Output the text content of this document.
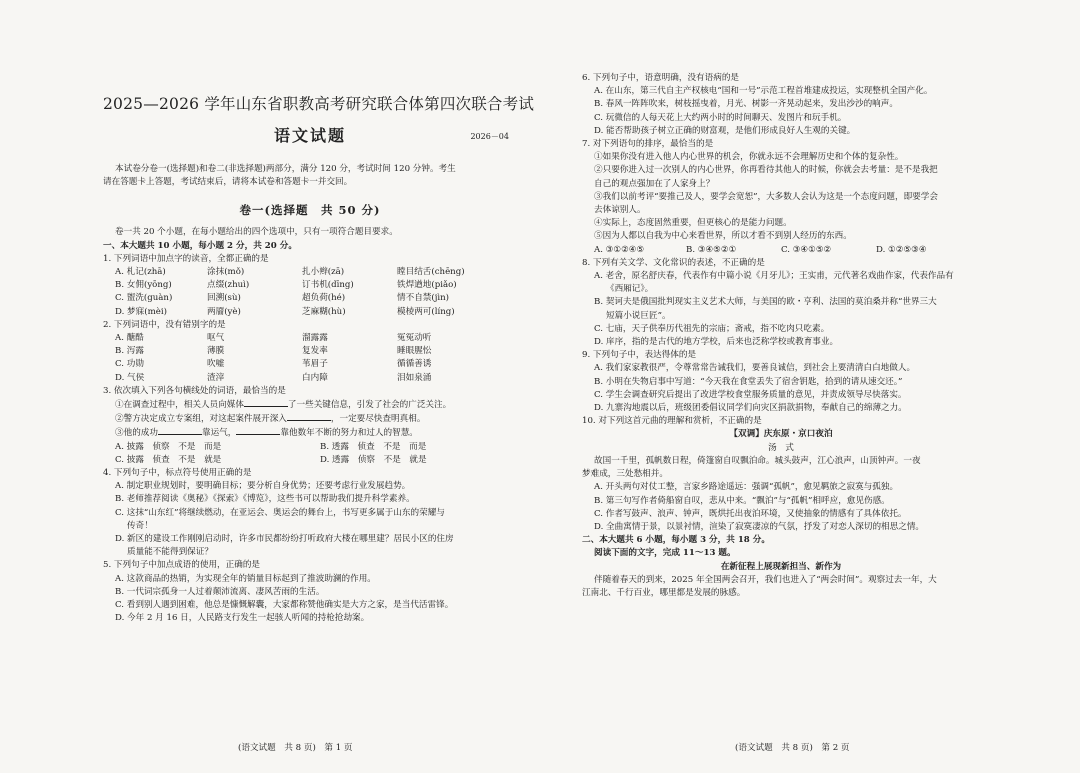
2025—2026 学年山东省职教高考研究联合体第四次联合考试
语文试题	2026－04
本试卷分卷一(选择题)和卷二(非选择题)两部分，满分 120 分，考试时间 120 分钟。考生
请在答题卡上答题，考试结束后，请将本试卷和答题卡一并交回。
卷一(选择题　共 50 分)
卷一共 20 个小题，在每小题给出的四个选项中，只有一项符合题目要求。
一、本大题共 10 小题，每小题 2 分，共 20 分。
1. 下列词语中加点字的读音，全都正确的是
A. 札记(zhā)	涂抹(mǒ)	扎小辫(zā)	瞠目结舌(chēng)
B. 女佣(yōng)	点缀(zhuì)	订书机(dīng)	铁焊遒地(piǎo)
C. 盥洗(guàn)	回溯(sù)	超负荷(hé)	情不自禁(jìn)
D. 梦寐(mèi)	两靥(yè)	芝麻糊(hù)	模棱两可(líng)
2. 下列词语中，没有错别字的是
A. 醣酷	呕气	溜露露	冤冤动听
B. 泻露	薄膜	复发率	睡眼腥忪
C. 功勋	吹嘘	苇眉子	循循善诱
D. 气侯	渣滓	白内障	泪如泉涌
3. 依次填入下列各句横线处的词语，最恰当的是
①在调查过程中，相关人员向媒体	了一些关键信息，引发了社会的广泛关注。
②警方决定成立专案组，对这起案件展开深入	，一定要尽快查明真相。
③他的成功	靠运气，	靠他数年不断的努力和过人的智慧。
A. 披露　侦察　不是　而是	B. 透露　侦查　不是　而是
C. 披露　侦查　不是　就是	D. 透露　侦察　不是　就是
4. 下列句子中，标点符号使用正确的是
A. 制定职业规划时，要明确目标；要分析自身优势；还要考虑行业发展趋势。
B. 老师推荐阅读《奥秘》《探索》《博览》，这些书可以帮助我们提升科学素养。
C. 这抹“山东红”将继续燃动，在亚运会、奥运会的舞台上，书写更多属于山东的荣耀与
传奇！
D. 新区的建设工作刚刚启动时，许多市民都纷纷打听政府大楼在哪里建？居民小区的住房
质量能不能得到保证？
5. 下列句子中加点成语的使用，正确的是
A. 这款商品的热销，为实现全年的销量目标起到了推波助澜的作用。
B. 一代词宗孤身一人过着颠沛流离、凄风苦雨的生活。
C. 看到别人遇到困难，他总是慷慨解囊，大家都称赞他确实是大方之家，是当代活雷锋。
D. 今年 2 月 16 日，人民路支行发生一起骇人听闻的持枪抢劫案。
(语文试题　共 8 页)　第 1 页
6. 下列句子中，语意明确，没有语病的是
A. 在山东，第三代自主产权核电“国和一号”示范工程首堆建成投运，实现整机全国产化。
B. 春风一阵阵吹来，树枝摇曳着，月光、树影一齐晃动起来，发出沙沙的响声。
C. 玩微信的人每天花上大约两小时的时间聊天、发图片和玩手机。
D. 能否帮助孩子树立正确的财富观，是他们形成良好人生观的关键。
7. 对下列语句的排序，最恰当的是
①如果你没有进入他人内心世界的机会，你就永远不会理解历史和个体的复杂性。
②只要你进入过一次别人的内心世界，你再看待其他人的时候，你就会去考量：是不是我把
自己的观点强加在了人家身上？
③我们以前考评“要推己及人，要学会宽恕”，大多数人会认为这是一个态度问题，即要学会
去体谅别人。
④实际上，态度固然重要，但更核心的是能力问题。
⑤因为人都以自我为中心来看世界，所以才看不到别人经历的东西。
A. ③①②④⑤	B. ③④⑤②①	C. ③④①⑤②	D. ①②⑤③④
8. 下列有关文学、文化常识的表述，不正确的是
A. 老舍，原名舒庆春，代表作有中篇小说《月牙儿》；王实甫，元代著名戏曲作家，代表作品有
《西厢记》。
B. 契诃夫是俄国批判现实主义艺术大师，与美国的欧・亨利、法国的莫泊桑并称“世界三大
短篇小说巨匠”。
C. 七庙，天子供奉历代祖先的宗庙；斋戒，指不吃肉只吃素。
D. 庠序，指的是古代的地方学校，后来也泛称学校或教育事业。
9. 下列句子中，表达得体的是
A. 我们家家教很严，令尊常常告诫我们，要善良诚信，到社会上要清清白白地做人。
B. 小明在失物启事中写道：“今天我在食堂丢失了宿舍钥匙，拾到的请从速交还。”
C. 学生会调查研究后提出了改进学校食堂服务质量的意见，并责成领导尽快落实。
D. 九寨沟地震以后，班级团委倡议同学们向灾区捐款捐物，奉献自己的绵薄之力。
10. 对下列这首元曲的理解和赏析，不正确的是
【双调】庆东原・京口夜泊
汤　式
故国一千里，孤帆数日程，倚篷窗自叹飘泊命。城头鼓声，江心浪声，山顶钟声。一夜
梦难成，三处愁相并。
A. 开头两句对仗工整，言家乡路途遥远：强调“孤帆”，愈见羁旅之寂寞与孤独。
B. 第三句写作者倚船窗自叹，悲从中来。“飘泊”与“孤帆”相呼应，愈见伤感。
C. 作者写鼓声、浪声、钟声，既烘托出夜泊环境，又使抽象的情感有了具体依托。
D. 全曲寓情于景，以景衬情，渲染了寂寞凄凉的气氛，抒发了对恋人深切的相思之情。
二、本大题共 6 小题，每小题 3 分，共 18 分。
阅读下面的文字，完成 11～13 题。
在新征程上展现新担当、新作为
伴随着春天的到来，2025 年全国两会召开，我们也进入了“两会时间”。观察过去一年，大
江南北、千行百业，哪里都是发展的脉感。
(语文试题　共 8 页)　第 2 页
